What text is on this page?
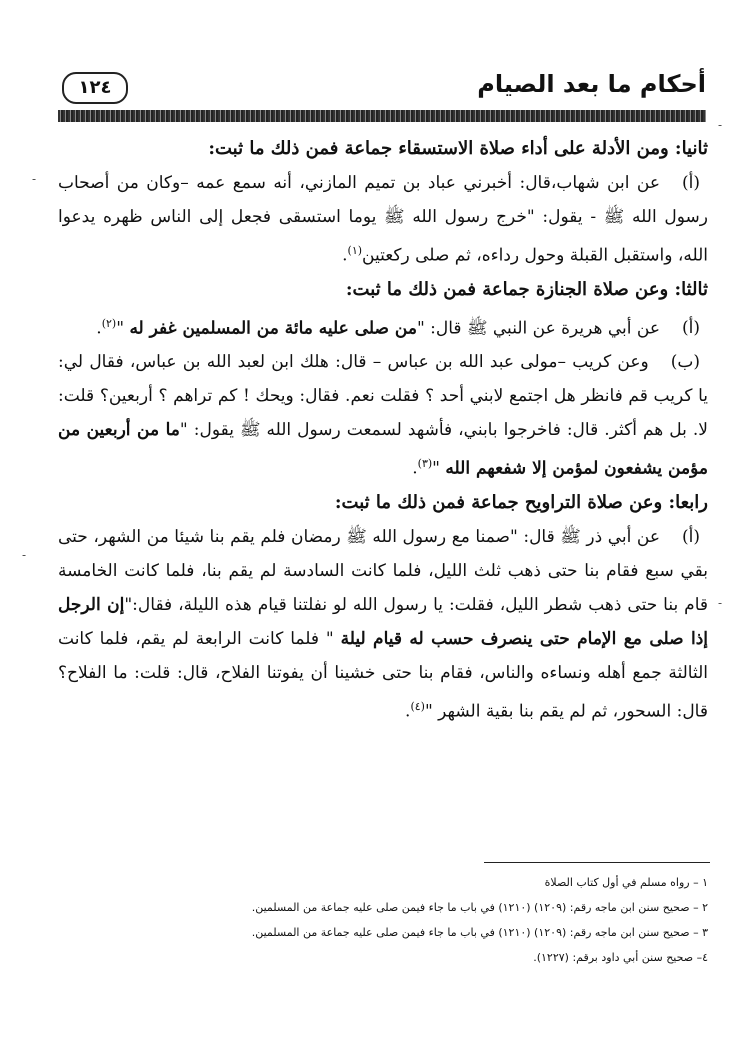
أحكام ما بعد الصيام
١٢٤
-
-
-
-

ثانيا: ومن الأدلة على أداء صلاة الاستسقاء جماعة فمن ذلك ما ثبت:

(أ)عن ابن شهاب،قال: أخبرني عباد بن تميم المازني، أنه سمع عمه –وكان من أصحاب رسول الله ﷺ - يقول: "خرج رسول الله ﷺ يوما استسقى فجعل إلى الناس ظهره يدعوا الله، واستقبل القبلة وحول رداءه، ثم صلى ركعتين$^{(١)}$.

ثالثا: وعن صلاة الجنازة جماعة فمن ذلك ما ثبت:

(أ)عن أبي هريرة عن النبي ﷺ قال: "من صلى عليه مائة من المسلمين غفر له "$^{(٢)}$.

(ب)وعن كريب –مولى عبد الله بن عباس – قال: هلك ابن لعبد الله بن عباس، فقال لي: يا كريب قم فانظر هل اجتمع لابني أحد ؟ فقلت نعم. فقال: ويحك ! كم تراهم ؟ أربعين؟ قلت: لا. بل هم أكثر. قال: فاخرجوا بابني، فأشهد لسمعت رسول الله ﷺ يقول: "ما من أربعين من مؤمن يشفعون لمؤمن إلا شفعهم الله "$^{(٣)}$.

رابعا: وعن صلاة التراويح جماعة فمن ذلك ما ثبت:

(أ)عن أبي ذر ﷺ قال: "صمنا مع رسول الله ﷺ رمضان فلم يقم بنا شيئا من الشهر، حتى بقي سبع فقام بنا حتى ذهب ثلث الليل، فلما كانت السادسة لم يقم بنا، فلما كانت الخامسة قام بنا حتى ذهب شطر الليل، فقلت: يا رسول الله لو نفلتنا قيام هذه الليلة، فقال:"إن الرجل إذا صلى مع الإمام حتى ينصرف حسب له قيام ليلة " فلما كانت الرابعة لم يقم، فلما كانت الثالثة جمع أهله ونساءه والناس، فقام بنا حتى خشينا أن يفوتنا الفلاح، قال: قلت: ما الفلاح؟ قال: السحور، ثم لم يقم بنا بقية الشهر "$^{(٤)}$.

١ – رواه مسلم في أول كتاب الصلاة

٢ – صحيح سنن ابن ماجه رقم: (١٢٠٩) (١٢١٠) في باب ما جاء فيمن صلى عليه جماعة من المسلمين.

٣ – صحيح سنن ابن ماجه رقم: (١٢٠٩) (١٢١٠) في باب ما جاء فيمن صلى عليه جماعة من المسلمين.

٤– صحيح سنن أبي داود برقم: (١٢٢٧).
